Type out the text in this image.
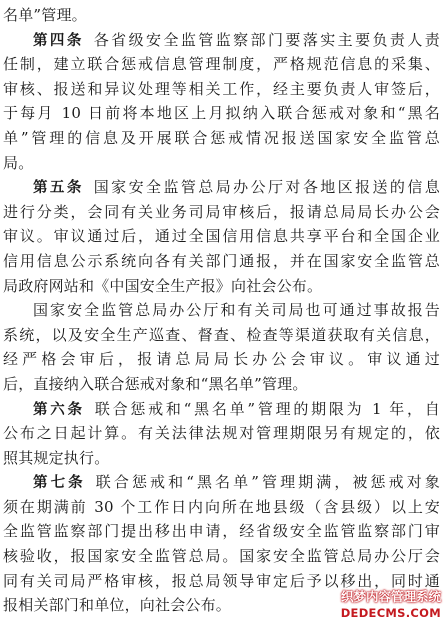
名单”管理。
第四条 各省级安全监管监察部门要落实主要负责人责
任制，建立联合惩戒信息管理制度，严格规范信息的采集、
审核、报送和异议处理等相关工作，经主要负责人审签后，
于每月 10 日前将本地区上月拟纳入联合惩戒对象和“黑名
单”管理的信息及开展联合惩戒情况报送国家安全监管总
局。
第五条 国家安全监管总局办公厅对各地区报送的信息
进行分类，会同有关业务司局审核后，报请总局局长办公会
审议。审议通过后，通过全国信用信息共享平台和全国企业
信用信息公示系统向各有关部门通报，并在国家安全监管总
局政府网站和《中国安全生产报》向社会公布。
国家安全监管总局办公厅和有关司局也可通过事故报告
系统，以及安全生产巡查、督查、检查等渠道获取有关信息，
经严格会审后，报请总局局长办公会审议。审议通过
后，直接纳入联合惩戒对象和“黑名单”管理。
第六条 联合惩戒和“黑名单”管理的期限为 1 年，自
公布之日起计算。有关法律法规对管理期限另有规定的，依
照其规定执行。
第七条 联合惩戒和“黑名单”管理期满，被惩戒对象
须在期满前 30 个工作日内向所在地县级（含县级）以上安
全监管监察部门提出移出申请，经省级安全监管监察部门审
核验收，报国家安全监管总局。国家安全监管总局办公厅会
同有关司局严格审核，报总局领导审定后予以移出，同时通
报相关部门和单位，向社会公布。	织梦内容管理系统
DEDECMS.COM
